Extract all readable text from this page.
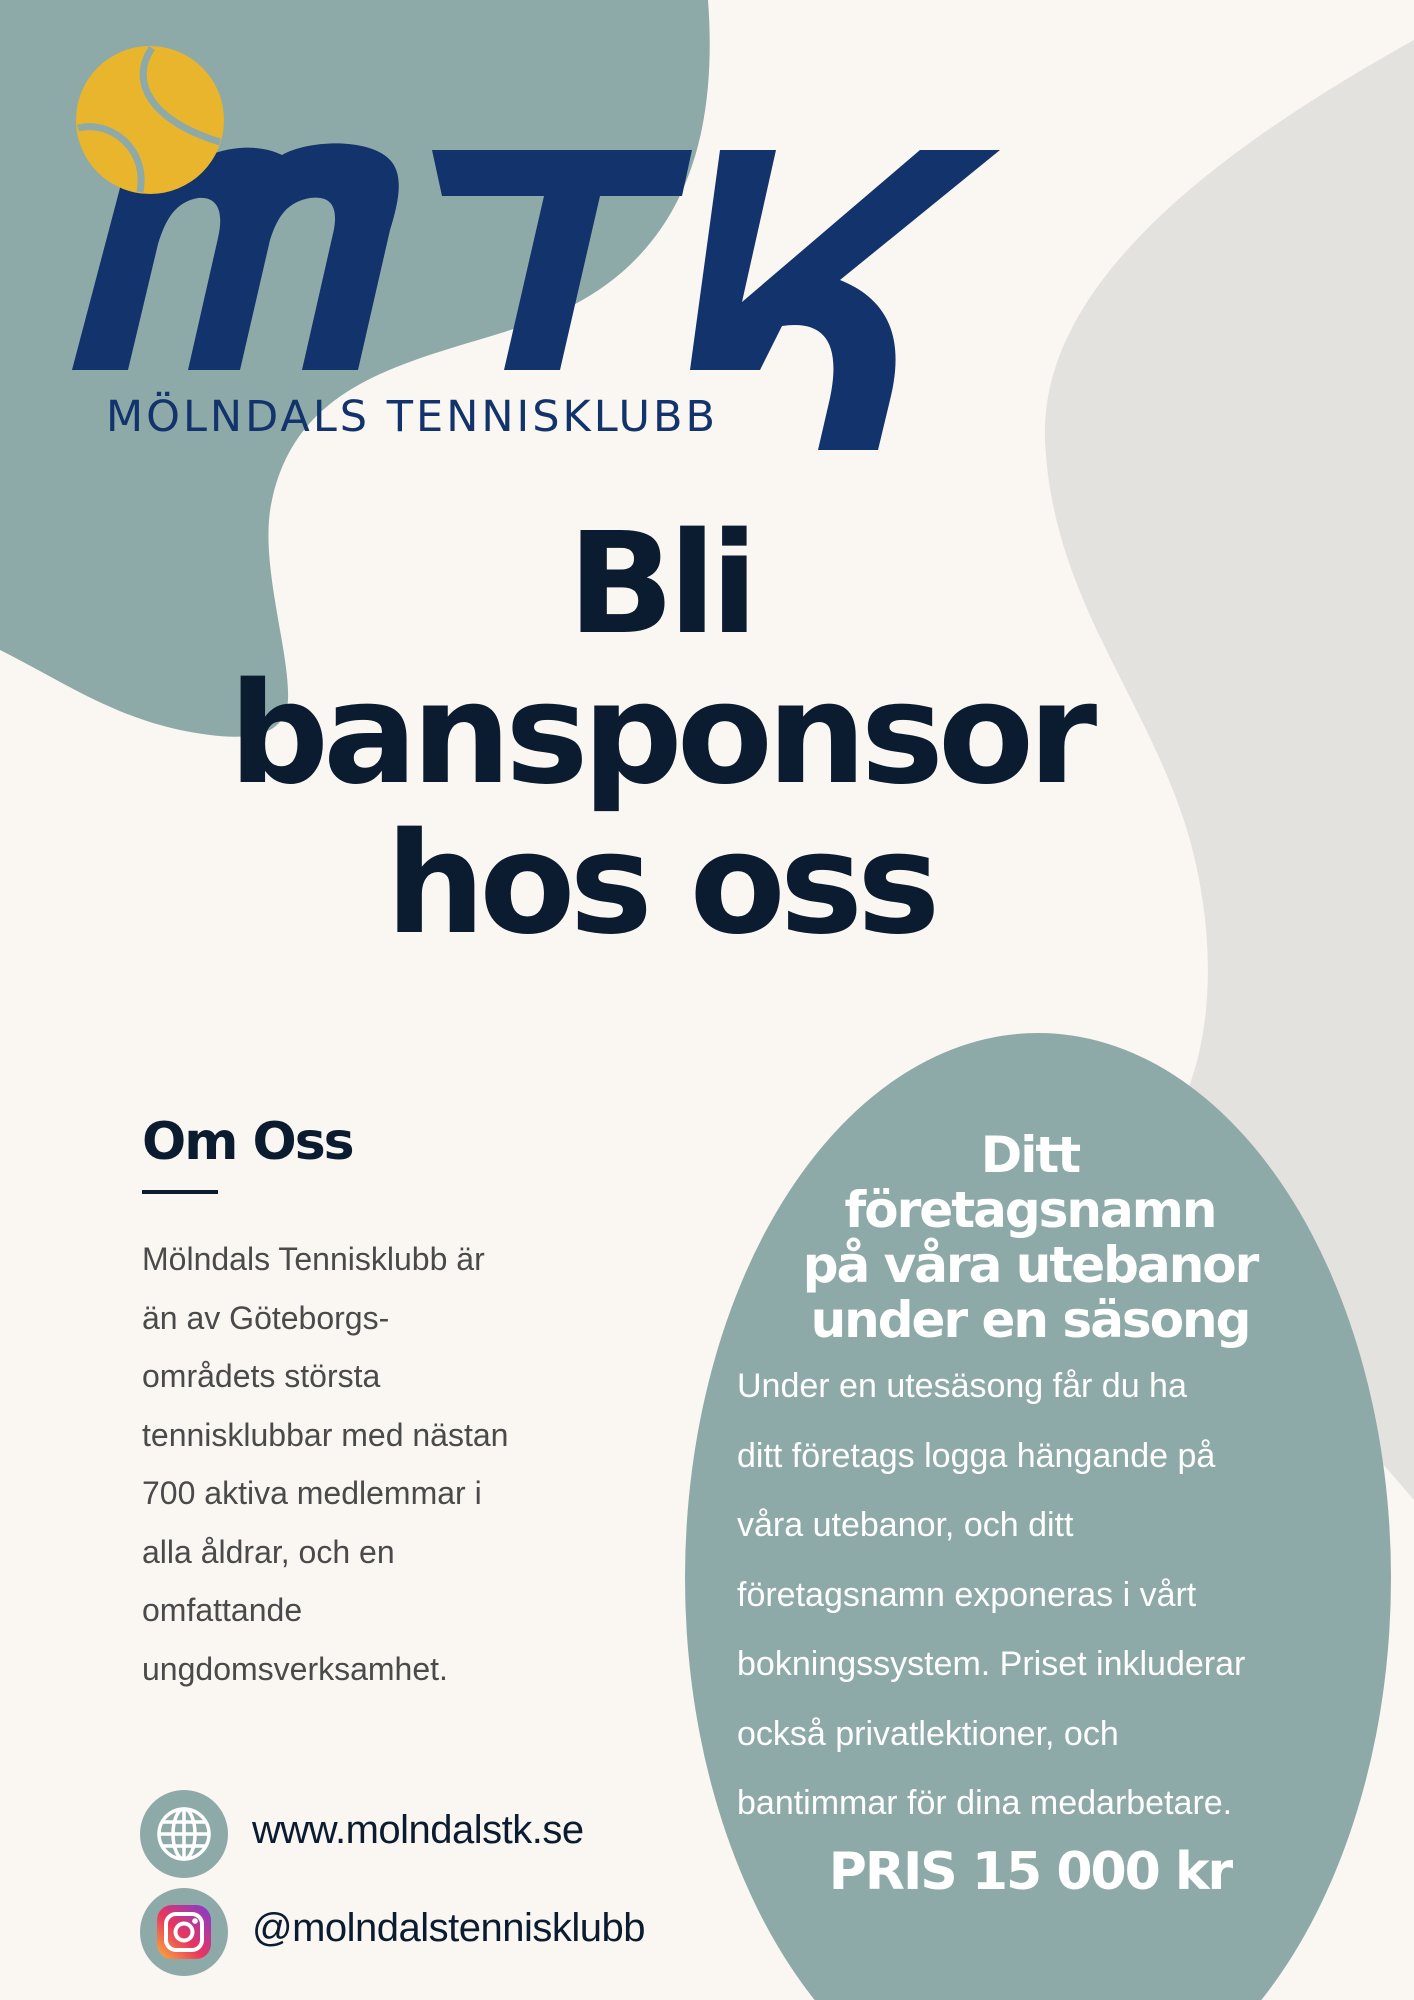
MÖLNDALS TENNISKLUBB
Bli
bansponsor
hos oss
Om Oss
Mölndals Tennisklubb är
än av Göteborgs-
områdets största
tennisklubbar med nästan
700 aktiva medlemmar i
alla åldrar, och en
omfattande
ungdomsverksamhet.
www.molndalstk.se
@molndalstennisklubb
Ditt
företagsnamn
på våra utebanor
under en säsong
Under en utesäsong får du ha
ditt företags logga hängande på
våra utebanor, och ditt
företagsnamn exponeras i vårt
bokningssystem. Priset inkluderar
också privatlektioner, och
bantimmar för dina medarbetare.
PRIS 15 000 kr
